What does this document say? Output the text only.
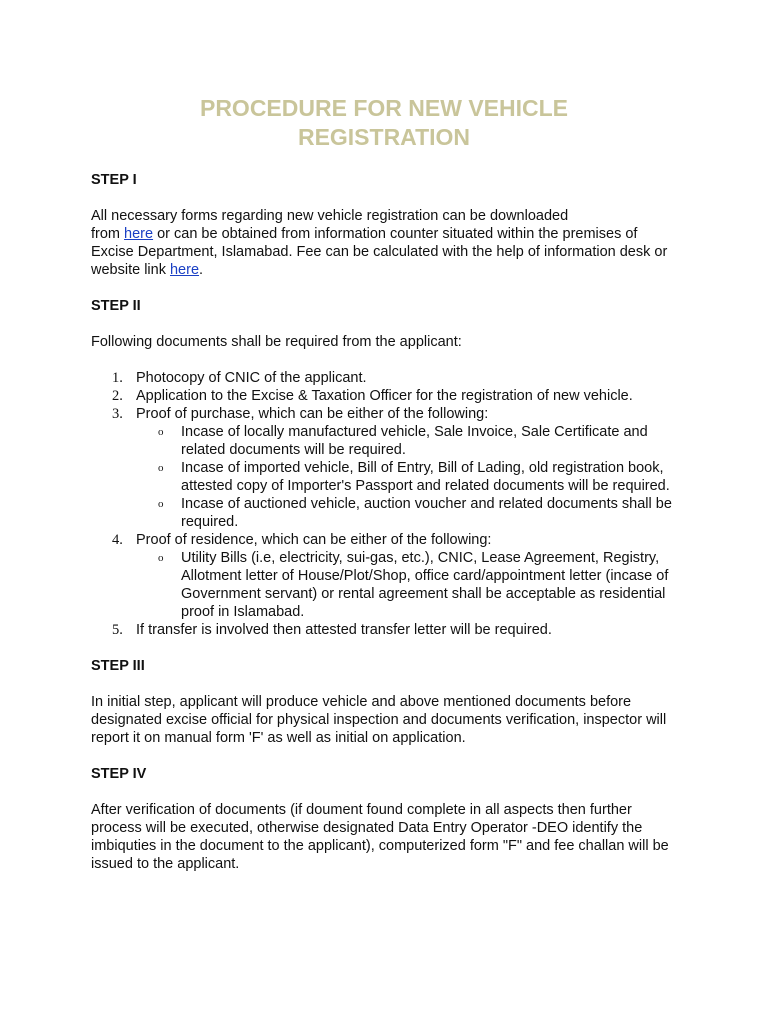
PROCEDURE FOR NEW VEHICLE REGISTRATION

STEP I

All necessary forms regarding new vehicle registration can be downloaded
from here or can be obtained from information counter situated within the premises of Excise Department, Islamabad. Fee can be calculated with the help of information desk or website link here.

STEP II

Following documents shall be required from the applicant:

1. Photocopy of CNIC of the applicant.
2. Application to the Excise & Taxation Officer for the registration of new vehicle.
3. Proof of purchase, which can be either of the following:
o Incase of locally manufactured vehicle, Sale Invoice, Sale Certificate and related documents will be required.
o Incase of imported vehicle, Bill of Entry, Bill of Lading, old registration book, attested copy of Importer's Passport and related documents will be required.
o Incase of auctioned vehicle, auction voucher and related documents shall be required.
4. Proof of residence, which can be either of the following:
o Utility Bills (i.e, electricity, sui-gas, etc.), CNIC, Lease Agreement, Registry, Allotment letter of House/Plot/Shop, office card/appointment letter (incase of Government servant) or rental agreement shall be acceptable as residential proof in Islamabad.
5. If transfer is involved then attested transfer letter will be required.

STEP III

In initial step, applicant will produce vehicle and above mentioned documents before designated excise official for physical inspection and documents verification, inspector will report it on manual form 'F' as well as initial on application.

STEP IV

After verification of documents (if doument found complete in all aspects then further process will be executed, otherwise designated Data Entry Operator -DEO identify the imbiquties in the document to the applicant), computerized form "F" and fee challan will be issued to the applicant.
